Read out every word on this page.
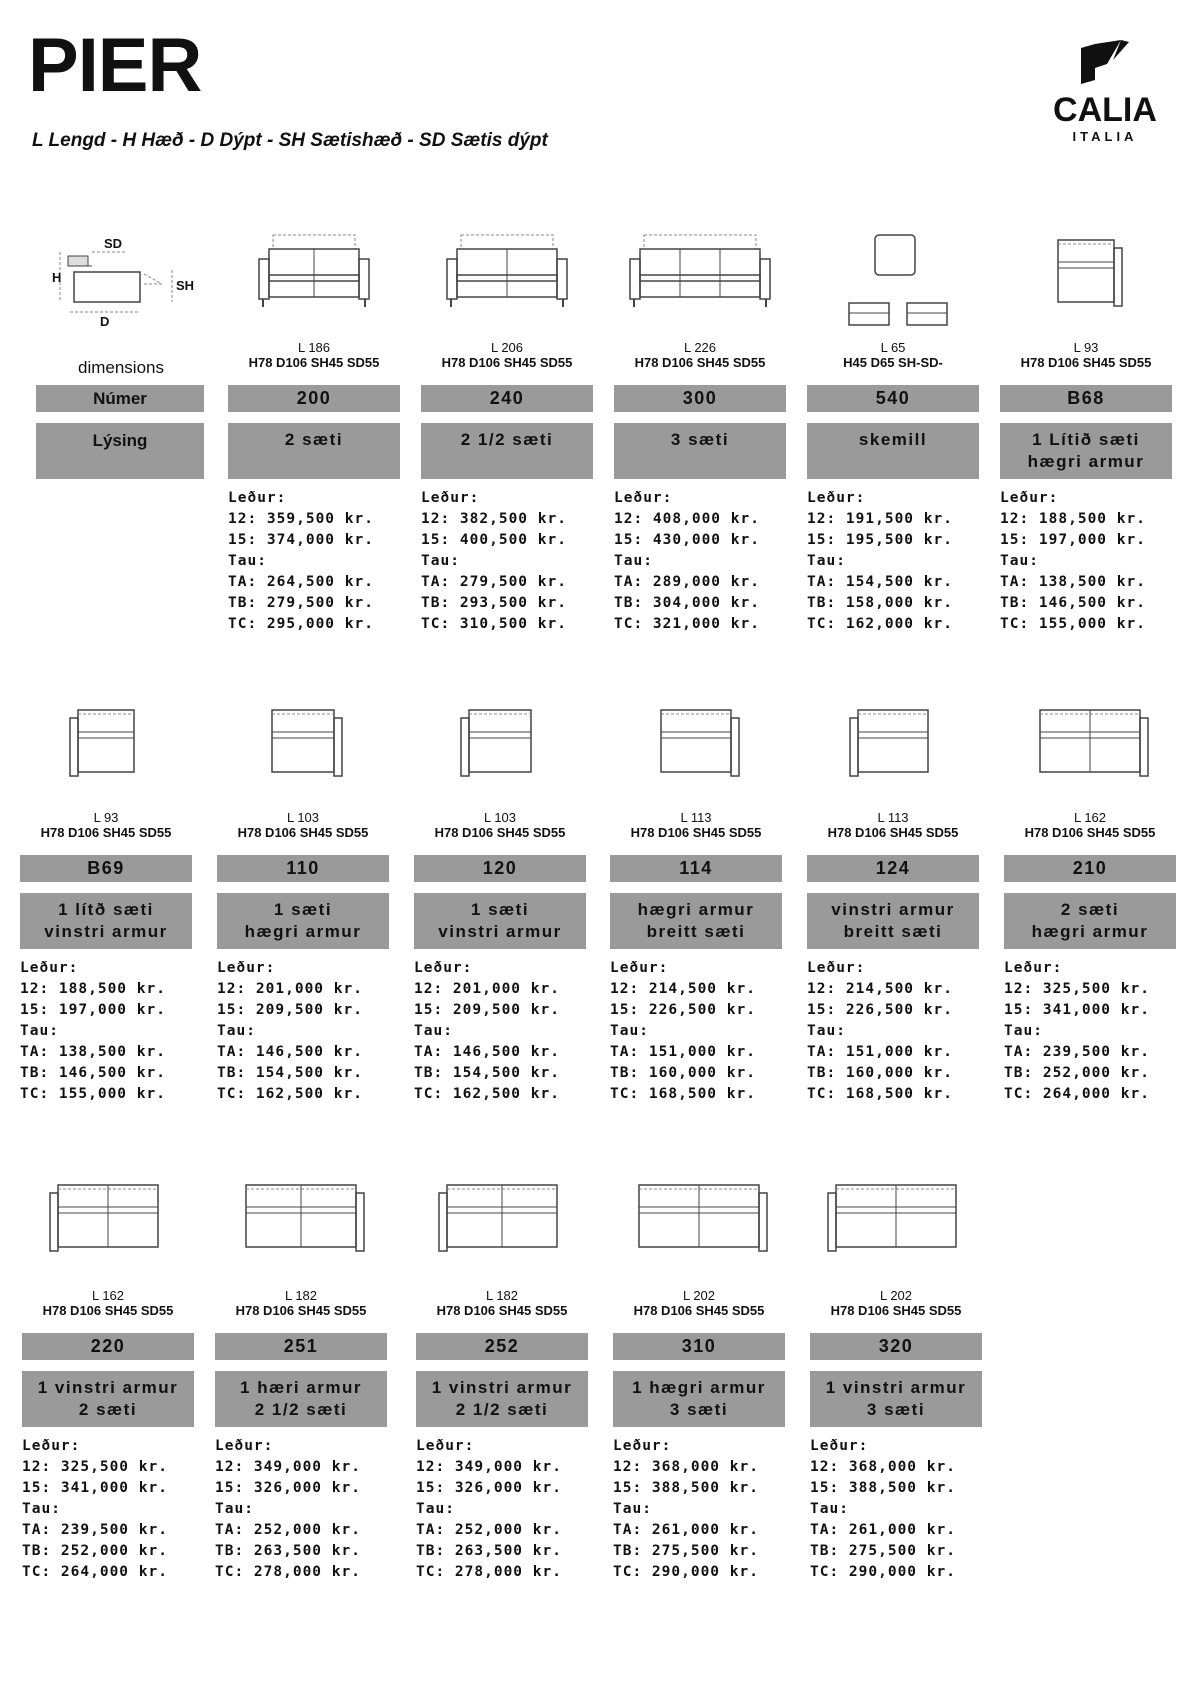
PIER
L Lengd - H Hæð - D Dýpt - SH Sætishæð - SD Sætis dýpt
CALIA
ITALIA
SD
H
SH
D
dimensions
Númer
Lýsing
L 186
H78 D106 SH45 SD55
200
2 sæti
Leður:
12: 359,500 kr.
15: 374,000 kr.
Tau:
TA: 264,500 kr.
TB: 279,500 kr.
TC: 295,000 kr.
L 206
H78 D106 SH45 SD55
240
2 1/2 sæti
Leður:
12: 382,500 kr.
15: 400,500 kr.
Tau:
TA: 279,500 kr.
TB: 293,500 kr.
TC: 310,500 kr.
L 226
H78 D106 SH45 SD55
300
3 sæti
Leður:
12: 408,000 kr.
15: 430,000 kr.
Tau:
TA: 289,000 kr.
TB: 304,000 kr.
TC: 321,000 kr.
L 65
H45 D65 SH-SD-
540
skemill
Leður:
12: 191,500 kr.
15: 195,500 kr.
Tau:
TA: 154,500 kr.
TB: 158,000 kr.
TC: 162,000 kr.
L 93
H78 D106 SH45 SD55
B68
1 Lítið sæti
hægri armur
Leður:
12: 188,500 kr.
15: 197,000 kr.
Tau:
TA: 138,500 kr.
TB: 146,500 kr.
TC: 155,000 kr.
L 93
H78 D106 SH45 SD55
B69
1 lítð sæti
vinstri armur
Leður:
12: 188,500 kr.
15: 197,000 kr.
Tau:
TA: 138,500 kr.
TB: 146,500 kr.
TC: 155,000 kr.
L 103
H78 D106 SH45 SD55
110
1 sæti
hægri armur
Leður:
12: 201,000 kr.
15: 209,500 kr.
Tau:
TA: 146,500 kr.
TB: 154,500 kr.
TC: 162,500 kr.
L 103
H78 D106 SH45 SD55
120
1 sæti
vinstri armur
Leður:
12: 201,000 kr.
15: 209,500 kr.
Tau:
TA: 146,500 kr.
TB: 154,500 kr.
TC: 162,500 kr.
L 113
H78 D106 SH45 SD55
114
hægri armur
breitt sæti
Leður:
12: 214,500 kr.
15: 226,500 kr.
Tau:
TA: 151,000 kr.
TB: 160,000 kr.
TC: 168,500 kr.
L 113
H78 D106 SH45 SD55
124
vinstri armur
breitt sæti
Leður:
12: 214,500 kr.
15: 226,500 kr.
Tau:
TA: 151,000 kr.
TB: 160,000 kr.
TC: 168,500 kr.
L 162
H78 D106 SH45 SD55
210
2 sæti
hægri armur
Leður:
12: 325,500 kr.
15: 341,000 kr.
Tau:
TA: 239,500 kr.
TB: 252,000 kr.
TC: 264,000 kr.
L 162
H78 D106 SH45 SD55
220
1 vinstri armur
2 sæti
Leður:
12: 325,500 kr.
15: 341,000 kr.
Tau:
TA: 239,500 kr.
TB: 252,000 kr.
TC: 264,000 kr.
L 182
H78 D106 SH45 SD55
251
1 hæri armur
2 1/2 sæti
Leður:
12: 349,000 kr.
15: 326,000 kr.
Tau:
TA: 252,000 kr.
TB: 263,500 kr.
TC: 278,000 kr.
L 182
H78 D106 SH45 SD55
252
1 vinstri armur
2 1/2 sæti
Leður:
12: 349,000 kr.
15: 326,000 kr.
Tau:
TA: 252,000 kr.
TB: 263,500 kr.
TC: 278,000 kr.
L 202
H78 D106 SH45 SD55
310
1 hægri armur
3 sæti
Leður:
12: 368,000 kr.
15: 388,500 kr.
Tau:
TA: 261,000 kr.
TB: 275,500 kr.
TC: 290,000 kr.
L 202
H78 D106 SH45 SD55
320
1 vinstri armur
3 sæti
Leður:
12: 368,000 kr.
15: 388,500 kr.
Tau:
TA: 261,000 kr.
TB: 275,500 kr.
TC: 290,000 kr.
